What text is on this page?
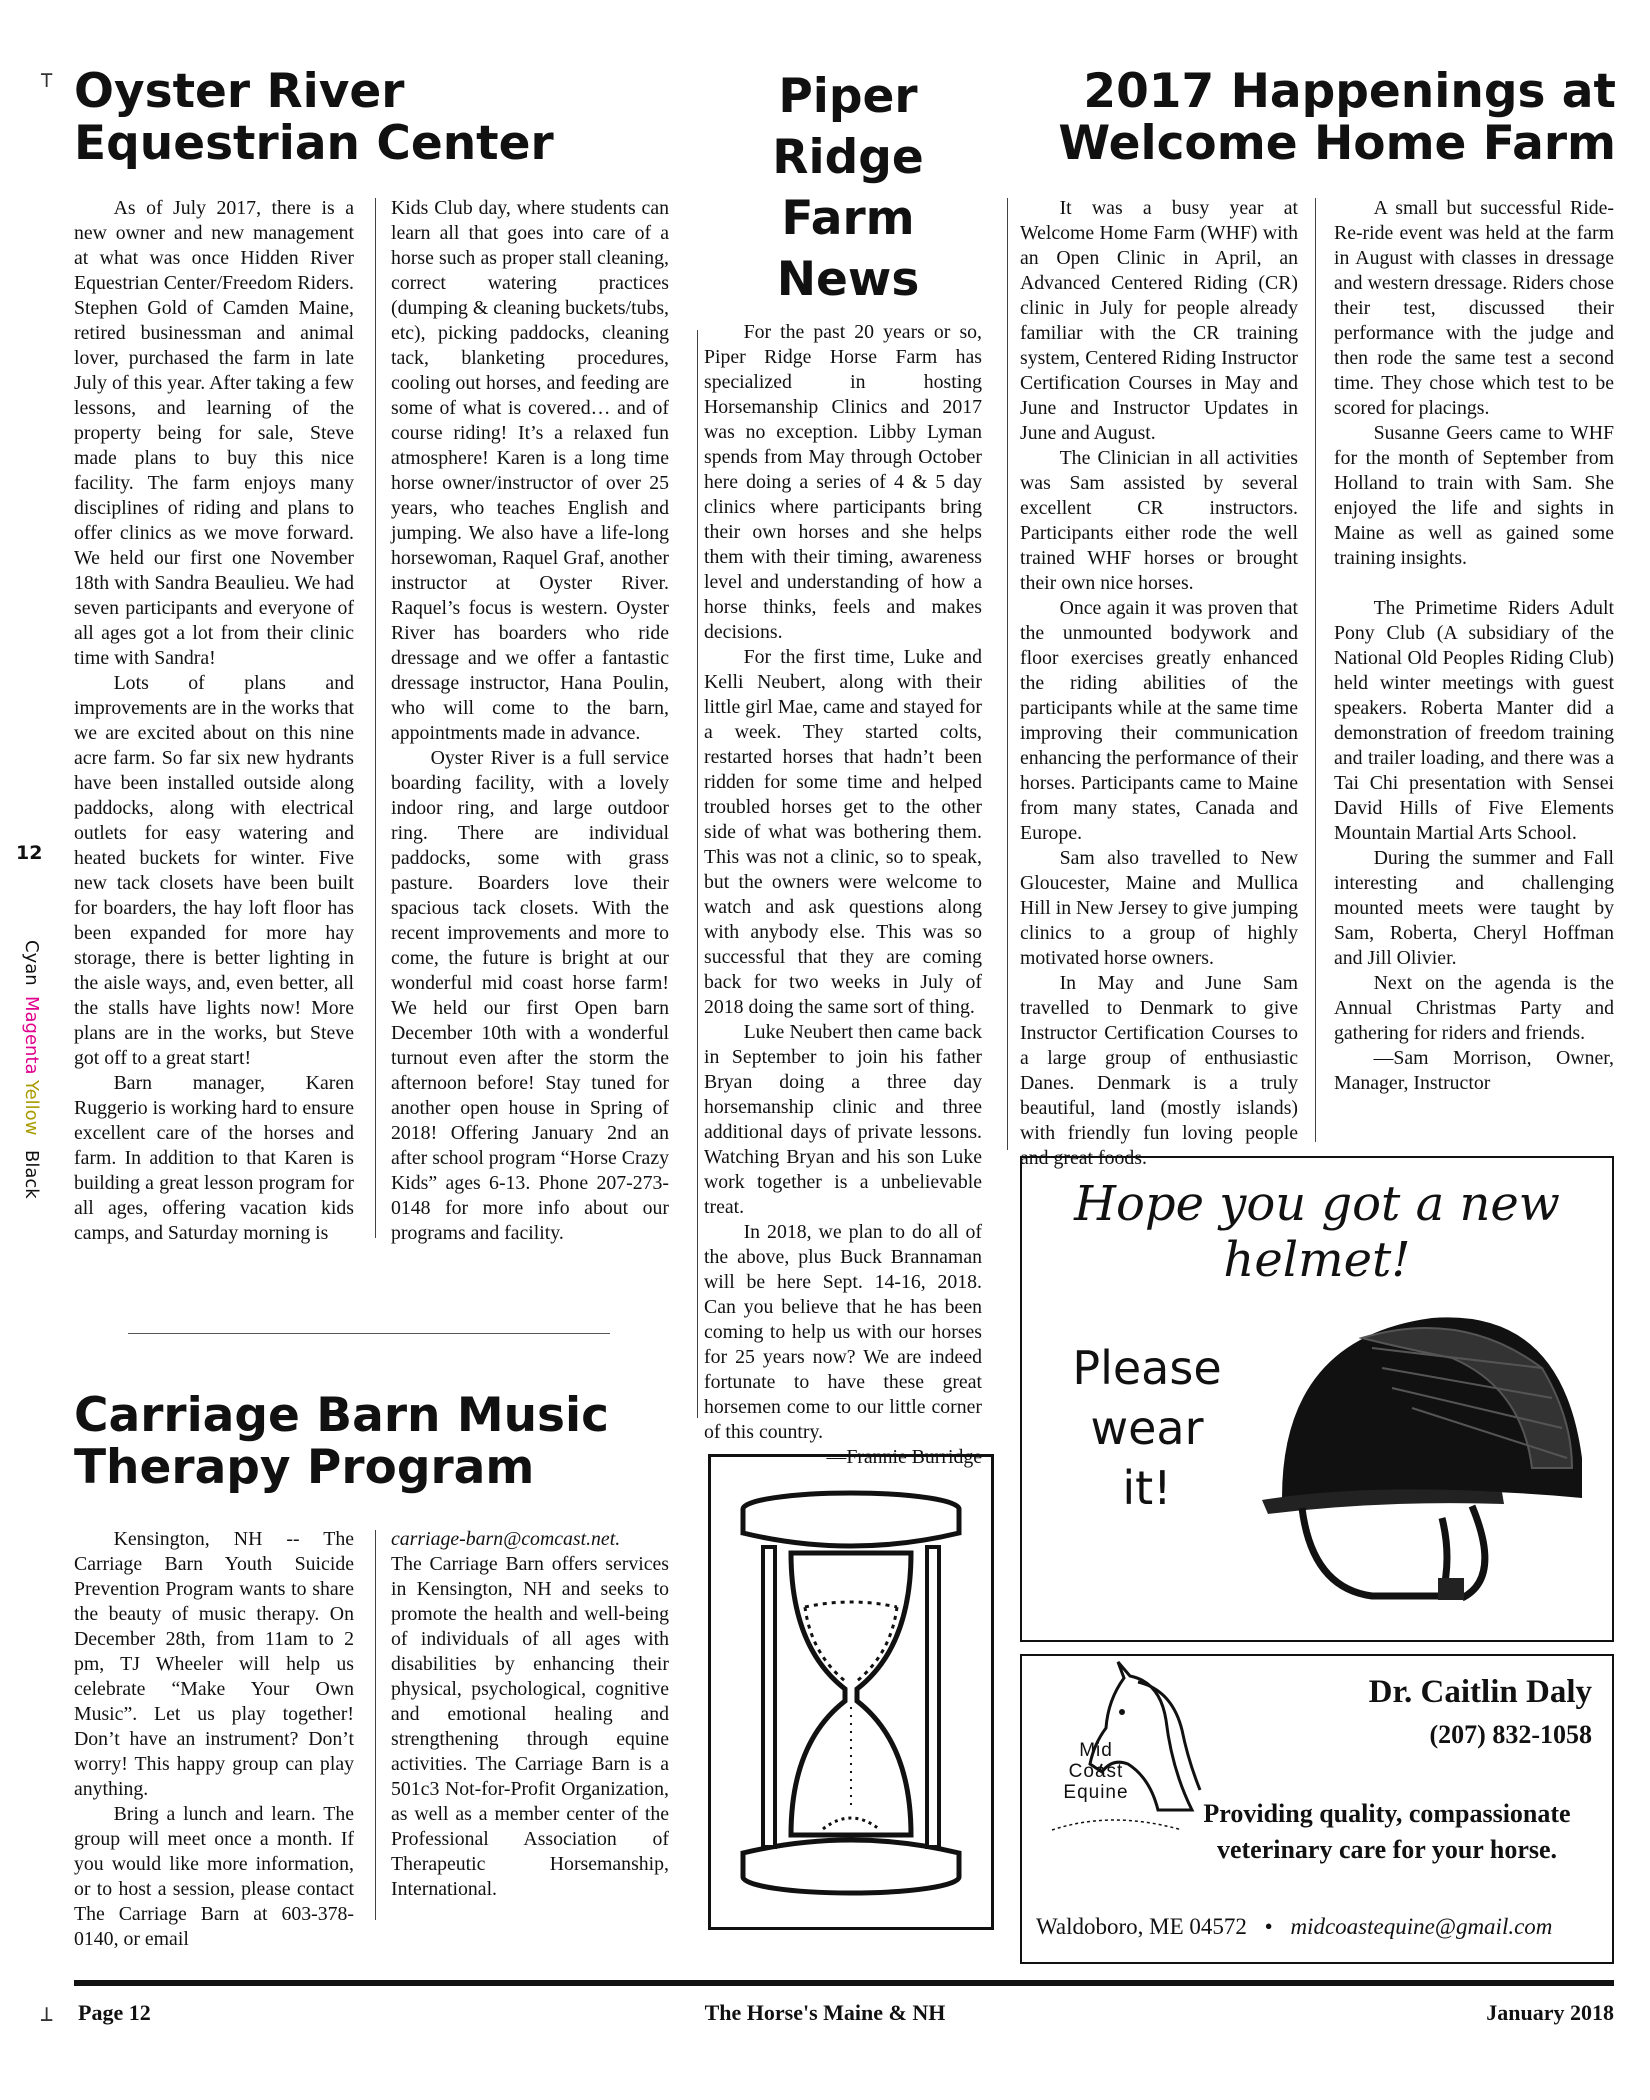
⊤
⊥
12
Cyan
Magenta
Yellow
Black
Oyster River
Equestrian Center

As of July 2017, there is a new owner and new management at what was once Hidden River Equestrian Center/Freedom Riders. Stephen Gold of Camden Maine, retired businessman and animal lover, purchased the farm in late July of this year. After taking a few lessons, and learning of the property being for sale, Steve made plans to buy this nice facility. The farm enjoys many disciplines of riding and plans to offer clinics as we move forward. We held our first one November 18th with Sandra Beaulieu. We had seven participants and everyone of all ages got a lot from their clinic time with Sandra!

Lots of plans and improvements are in the works that we are excited about on this nine acre farm. So far six new hydrants have been installed outside along paddocks, along with electrical outlets for easy watering and heated buckets for winter. Five new tack closets have been built for boarders, the hay loft floor has been expanded for more hay storage, there is better lighting in the aisle ways, and, even better, all the stalls have lights now! More plans are in the works, but Steve got off to a great start!

Barn manager, Karen Ruggerio is working hard to ensure excellent care of the horses and farm. In addition to that Karen is building a great lesson program for all ages, offering vacation kids camps, and Saturday morning is

Kids Club day, where students can learn all that goes into care of a horse such as proper stall cleaning, correct watering practices (dumping & cleaning buckets/tubs, etc), picking paddocks, cleaning tack, blanketing procedures, cooling out horses, and feeding are some of what is covered… and of course riding! It’s a relaxed fun atmosphere! Karen is a long time horse owner/instructor of over 25 years, who teaches English and jumping. We also have a life-long horsewoman, Raquel Graf, another instructor at Oyster River. Raquel’s focus is western. Oyster River has boarders who ride dressage and we offer a fantastic dressage instructor, Hana Poulin, who will come to the barn, appointments made in advance.

Oyster River is a full service boarding facility, with a lovely indoor ring, and large outdoor ring. There are individual paddocks, some with grass pasture. Boarders love their spacious tack closets. With the recent improvements and more to come, the future is bright at our wonderful mid coast horse farm! We held our first Open barn December 10th with a wonderful turnout even after the storm the afternoon before! Stay tuned for another open house in Spring of 2018! Offering January 2nd an after school program “Horse Crazy Kids” ages 6-13. Phone 207-273-0148 for more info about our programs and facility.

Piper
Ridge
Farm
News

For the past 20 years or so, Piper Ridge Horse Farm has specialized in hosting Horsemanship Clinics and 2017 was no exception. Libby Lyman spends from May through October here doing a series of 4 & 5 day clinics where participants bring their own horses and she helps them with their timing, awareness level and understanding of how a horse thinks, feels and makes decisions.

For the first time, Luke and Kelli Neubert, along with their little girl Mae, came and stayed for a week. They started colts, restarted horses that hadn’t been ridden for some time and helped troubled horses get to the other side of what was bothering them. This was not a clinic, so to speak, but the owners were welcome to watch and ask questions along with anybody else. This was so successful that they are coming back for two weeks in July of 2018 doing the same sort of thing.

Luke Neubert then came back in September to join his father Bryan doing a three day horsemanship clinic and three additional days of private lessons. Watching Bryan and his son Luke work together is a unbelievable treat.

In 2018, we plan to do all of the above, plus Buck Brannaman will be here Sept. 14-16, 2018. Can you believe that he has been coming to help us with our horses for 25 years now? We are indeed fortunate to have these great horsemen come to our little corner of this country.

—Frannie Burridge

2017 Happenings at
Welcome Home Farm

It was a busy year at Welcome Home Farm (WHF) with an Open Clinic in April, an Advanced Centered Riding (CR) clinic in July for people already familiar with the CR training system, Centered Riding Instructor Certification Courses in May and June and Instructor Updates in June and August.

The Clinician in all activities was Sam assisted by several excellent CR instructors. Participants either rode the well trained WHF horses or brought their own nice horses.

Once again it was proven that the unmounted bodywork and floor exercises greatly enhanced the riding abilities of the participants while at the same time improving their communication enhancing the performance of their horses. Participants came to Maine from many states, Canada and Europe.

Sam also travelled to New Gloucester, Maine and Mullica Hill in New Jersey to give jumping clinics to a group of highly motivated horse owners.

In May and June Sam travelled to Denmark to give Instructor Certification Courses to a large group of enthusiastic Danes. Denmark is a truly beautiful, land (mostly islands) with friendly fun loving people and great foods.

A small but successful Ride-Re-ride event was held at the farm in August with classes in dressage and western dressage. Riders chose their test, discussed their performance with the judge and then rode the same test a second time. They chose which test to be scored for placings.

Susanne Geers came to WHF for the month of September from Holland to train with Sam. She enjoyed the life and sights in Maine as well as gained some training insights.

The Primetime Riders Adult Pony Club (A subsidiary of the National Old Peoples Riding Club) held winter meetings with guest speakers. Roberta Manter did a demonstration of freedom training and trailer loading, and there was a Tai Chi presentation with Sensei David Hills of Five Elements Mountain Martial Arts School.

During the summer and Fall interesting and challenging mounted meets were taught by Sam, Roberta, Cheryl Hoffman and Jill Olivier.

Next on the agenda is the Annual Christmas Party and gathering for riders and friends.

—Sam Morrison, Owner, Manager, Instructor

Carriage Barn Music
Therapy Program

Kensington, NH -- The Carriage Barn Youth Suicide Prevention Program wants to share the beauty of music therapy. On December 28th, from 11am to 2 pm, TJ Wheeler will help us celebrate “Make Your Own Music”. Let us play together! Don’t have an instrument? Don’t worry! This happy group can play anything.

Bring a lunch and learn. The group will meet once a month. If you would like more information, or to host a session, please contact The Carriage Barn at 603-378-0140, or email

carriage-barn@comcast.net.

The Carriage Barn offers services in Kensington, NH and seeks to promote the health and well-being of individuals of all ages with disabilities by enhancing their physical, psychological, cognitive and emotional healing and strengthening through equine activities. The Carriage Barn is a 501c3 Not-for-Profit Organization, as well as a member center of the Professional Association of Therapeutic Horsemanship, International.

Hope you got a new helmet!
Please
wear
it!
Mid
Coast
Equine
Dr. Caitlin Daly
(207) 832-1058
Providing quality, compassionate
veterinary care for your horse.
Waldoboro, ME 04572 • midcoastequine@gmail.com
Page 12	The Horse's Maine & NH	January 2018
